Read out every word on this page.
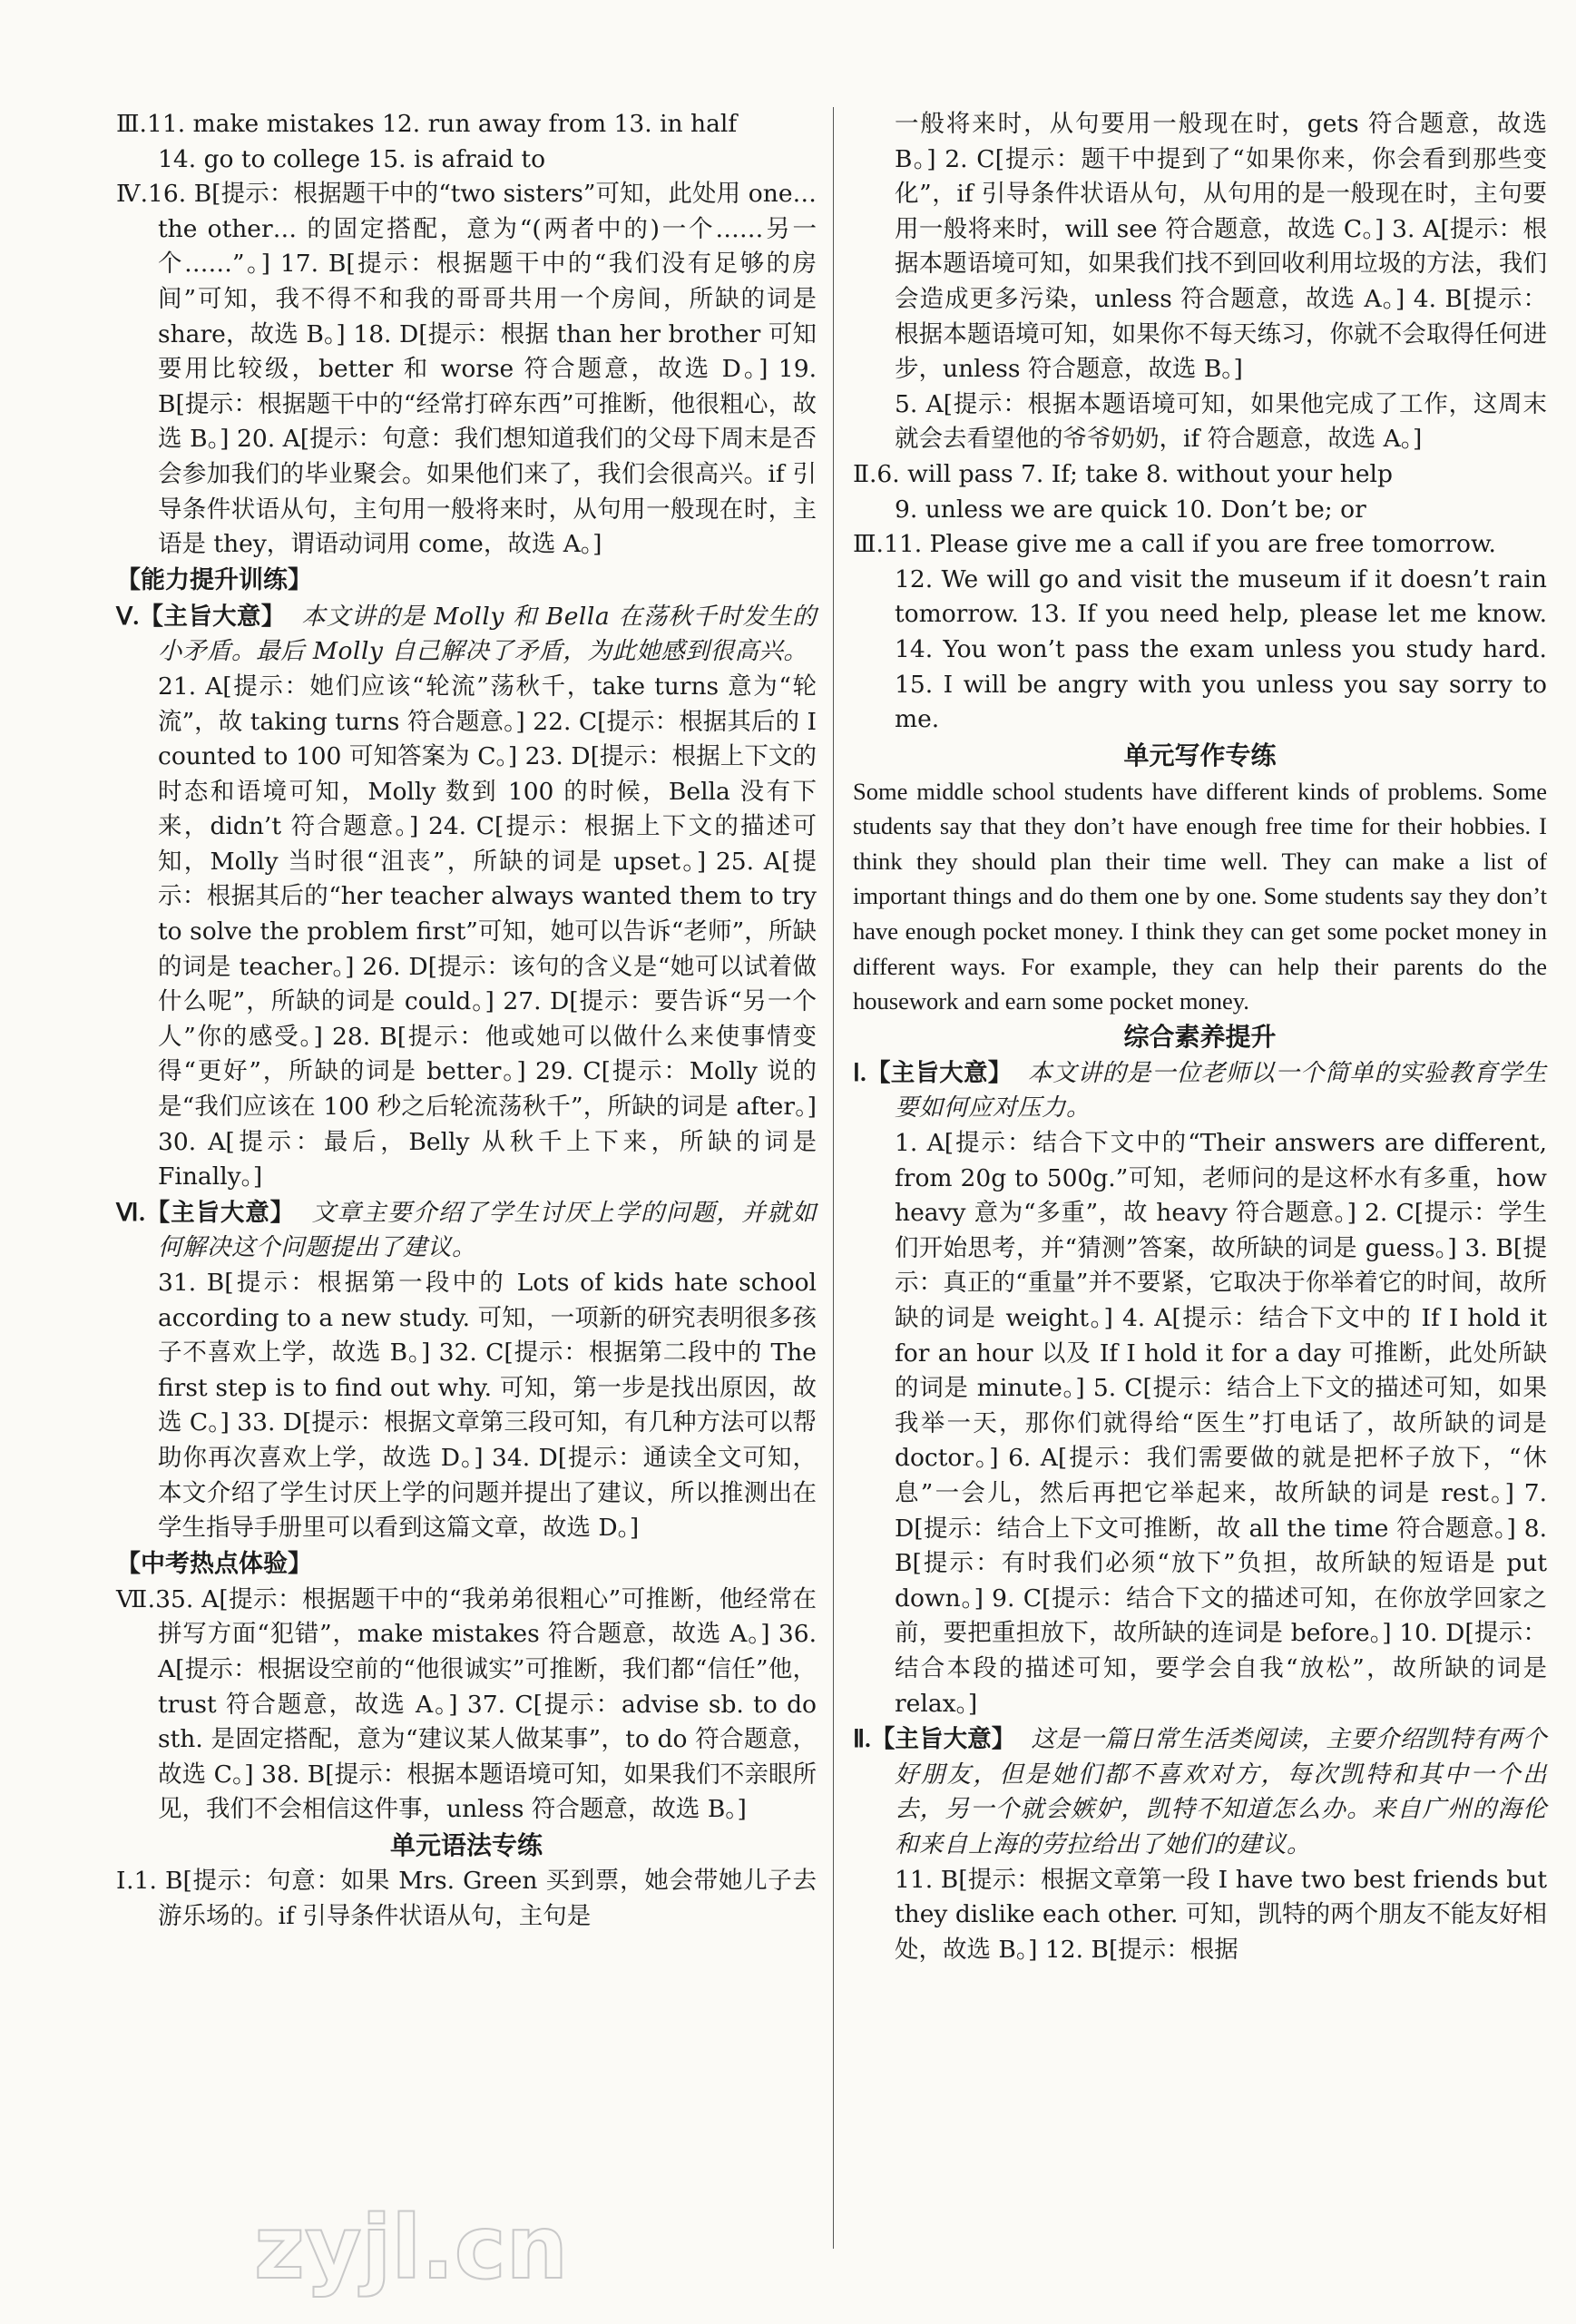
Ⅲ.11. make mistakes 12. run away from 13. in half

14. go to college 15. is afraid to

Ⅳ.16. B[提示：根据题干中的“two sisters”可知，此处用 one… the other… 的固定搭配，意为“(两者中的)一个……另一个……”。] 17. B[提示：根据题干中的“我们没有足够的房间”可知，我不得不和我的哥哥共用一个房间，所缺的词是 share，故选 B。] 18. D[提示：根据 than her brother 可知要用比较级，better 和 worse 符合题意，故选 D。] 19. B[提示：根据题干中的“经常打碎东西”可推断，他很粗心，故选 B。] 20. A[提示：句意：我们想知道我们的父母下周末是否会参加我们的毕业聚会。如果他们来了，我们会很高兴。if 引导条件状语从句，主句用一般将来时，从句用一般现在时，主语是 they，谓语动词用 come，故选 A。]

【能力提升训练】

Ⅴ.【主旨大意】 本文讲的是 Molly 和 Bella 在荡秋千时发生的小矛盾。最后 Molly 自己解决了矛盾，为此她感到很高兴。

21. A[提示：她们应该“轮流”荡秋千，take turns 意为“轮流”，故 taking turns 符合题意。] 22. C[提示：根据其后的 I counted to 100 可知答案为 C。] 23. D[提示：根据上下文的时态和语境可知，Molly 数到 100 的时候，Bella 没有下来，didn’t 符合题意。] 24. C[提示：根据上下文的描述可知，Molly 当时很“沮丧”，所缺的词是 upset。] 25. A[提示：根据其后的“her teacher always wanted them to try to solve the problem first”可知，她可以告诉“老师”，所缺的词是 teacher。] 26. D[提示：该句的含义是“她可以试着做什么呢”，所缺的词是 could。] 27. D[提示：要告诉“另一个人”你的感受。] 28. B[提示：他或她可以做什么来使事情变得“更好”，所缺的词是 better。] 29. C[提示：Molly 说的是“我们应该在 100 秒之后轮流荡秋千”，所缺的词是 after。] 30. A[提示：最后，Belly 从秋千上下来，所缺的词是 Finally。]

Ⅵ.【主旨大意】 文章主要介绍了学生讨厌上学的问题，并就如何解决这个问题提出了建议。

31. B[提示：根据第一段中的 Lots of kids hate school according to a new study. 可知，一项新的研究表明很多孩子不喜欢上学，故选 B。] 32. C[提示：根据第二段中的 The first step is to find out why. 可知，第一步是找出原因，故选 C。] 33. D[提示：根据文章第三段可知，有几种方法可以帮助你再次喜欢上学，故选 D。] 34. D[提示：通读全文可知，本文介绍了学生讨厌上学的问题并提出了建议，所以推测出在学生指导手册里可以看到这篇文章，故选 D。]

【中考热点体验】

Ⅶ.35. A[提示：根据题干中的“我弟弟很粗心”可推断，他经常在拼写方面“犯错”，make mistakes 符合题意，故选 A。] 36. A[提示：根据设空前的“他很诚实”可推断，我们都“信任”他，trust 符合题意，故选 A。] 37. C[提示：advise sb. to do sth. 是固定搭配，意为“建议某人做某事”，to do 符合题意，故选 C。] 38. B[提示：根据本题语境可知，如果我们不亲眼所见，我们不会相信这件事，unless 符合题意，故选 B。]

单元语法专练

Ⅰ.1. B[提示：句意：如果 Mrs. Green 买到票，她会带她儿子去游乐场的。if 引导条件状语从句，主句是

一般将来时，从句要用一般现在时，gets 符合题意，故选 B。] 2. C[提示：题干中提到了“如果你来，你会看到那些变化”，if 引导条件状语从句，从句用的是一般现在时，主句要用一般将来时，will see 符合题意，故选 C。] 3. A[提示：根据本题语境可知，如果我们找不到回收利用垃圾的方法，我们会造成更多污染，unless 符合题意，故选 A。] 4. B[提示：根据本题语境可知，如果你不每天练习，你就不会取得任何进步，unless 符合题意，故选 B。]

5. A[提示：根据本题语境可知，如果他完成了工作，这周末就会去看望他的爷爷奶奶，if 符合题意，故选 A。]

Ⅱ.6. will pass 7. If; take 8. without your help

9. unless we are quick 10. Don’t be; or

Ⅲ.11. Please give me a call if you are free tomorrow.

12. We will go and visit the museum if it doesn’t rain tomorrow. 13. If you need help, please let me know. 14. You won’t pass the exam unless you study hard. 15. I will be angry with you unless you say sorry to me.

单元写作专练

Some middle school students have different kinds of problems. Some students say that they don’t have enough free time for their hobbies. I think they should plan their time well. They can make a list of important things and do them one by one. Some students say they don’t have enough pocket money. I think they can get some pocket money in different ways. For example, they can help their parents do the housework and earn some pocket money.

综合素养提升

Ⅰ.【主旨大意】 本文讲的是一位老师以一个简单的实验教育学生要如何应对压力。

1. A[提示：结合下文中的“Their answers are different, from 20g to 500g.”可知，老师问的是这杯水有多重，how heavy 意为“多重”，故 heavy 符合题意。] 2. C[提示：学生们开始思考，并“猜测”答案，故所缺的词是 guess。] 3. B[提示：真正的“重量”并不要紧，它取决于你举着它的时间，故所缺的词是 weight。] 4. A[提示：结合下文中的 If I hold it for an hour 以及 If I hold it for a day 可推断，此处所缺的词是 minute。] 5. C[提示：结合上下文的描述可知，如果我举一天，那你们就得给“医生”打电话了，故所缺的词是 doctor。] 6. A[提示：我们需要做的就是把杯子放下，“休息”一会儿，然后再把它举起来，故所缺的词是 rest。] 7. D[提示：结合上下文可推断，故 all the time 符合题意。] 8. B[提示：有时我们必须“放下”负担，故所缺的短语是 put down。] 9. C[提示：结合下文的描述可知，在你放学回家之前，要把重担放下，故所缺的连词是 before。] 10. D[提示：结合本段的描述可知，要学会自我“放松”，故所缺的词是 relax。]

Ⅱ.【主旨大意】 这是一篇日常生活类阅读，主要介绍凯特有两个好朋友，但是她们都不喜欢对方，每次凯特和其中一个出去，另一个就会嫉妒，凯特不知道怎么办。来自广州的海伦和来自上海的劳拉给出了她们的建议。

11. B[提示：根据文章第一段 I have two best friends but they dislike each other. 可知，凯特的两个朋友不能友好相处，故选 B。] 12. B[提示：根据

zyjl.cn
